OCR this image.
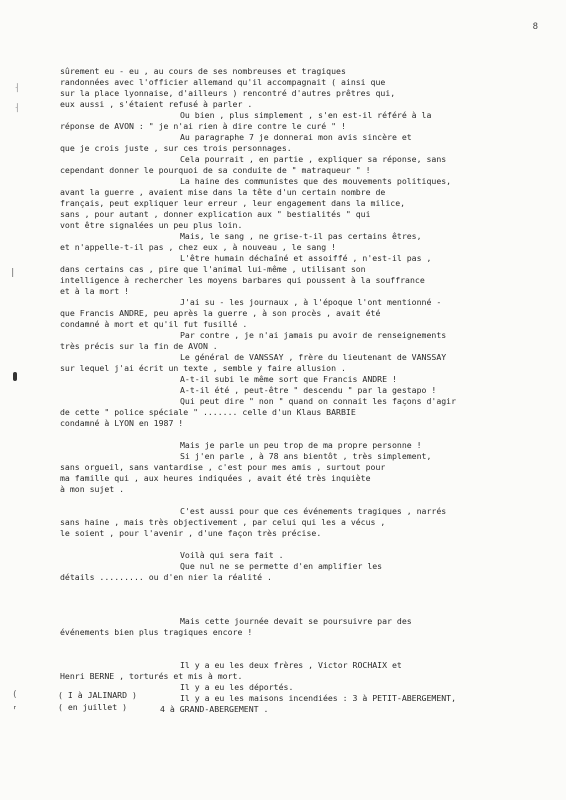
8
⸡
⸡
|
(
⸢
sûrement eu - eu , au cours de ses nombreuses et tragiques
randonnées avec l'officier allemand qu'il accompagnait ( ainsi que
sur la place lyonnaise, d'ailleurs ) rencontré d'autres prêtres qui,
eux aussi , s'étaient refusé à parler .
Ou bien , plus simplement , s'en est-il référé à la
réponse de AVON : " je n'ai rien à dire contre le curé " !
Au paragraphe 7 je donnerai mon avis sincère et
que je crois juste , sur ces trois personnages.
Cela pourrait , en partie , expliquer sa réponse, sans
cependant donner le pourquoi de sa conduite de " matraqueur " !
La haine des communistes que des mouvements politiques,
avant la guerre , avaient mise dans la tête d'un certain nombre de
français, peut expliquer leur erreur , leur engagement dans la milice,
sans , pour autant , donner explication aux " bestialités " qui
vont être signalées un peu plus loin.
Mais, le sang , ne grise-t-il pas certains êtres,
et n'appelle-t-il pas , chez eux , à nouveau , le sang !
L'être humain déchaîné et assoiffé , n'est-il pas ,
dans certains cas , pire que l'animal lui-même , utilisant son
intelligence à rechercher les moyens barbares qui poussent à la souffrance
et à la mort !
J'ai su - les journaux , à l'époque l'ont mentionné -
que Francis ANDRE, peu après la guerre , à son procès , avait été
condamné à mort et qu'il fut fusillé .
Par contre , je n'ai jamais pu avoir de renseignements
très précis sur la fin de AVON .
Le général de VANSSAY , frère du lieutenant de VANSSAY
sur lequel j'ai écrit un texte , semble y faire allusion .
A-t-il subi le même sort que Francis ANDRE !
A-t-il été , peut-être " descendu " par la gestapo !
Qui peut dire " non " quand on connait les façons d'agir
de cette " police spéciale " ....... celle d'un Klaus BARBIE
condamné à LYON en 1987 !
Mais je parle un peu trop de ma propre personne !
Si j'en parle , à 78 ans bientôt , très simplement,
sans orgueil, sans vantardise , c'est pour mes amis , surtout pour
ma famille qui , aux heures indiquées , avait été très inquiète
à mon sujet .
C'est aussi pour que ces événements tragiques , narrés
sans haine , mais très objectivement , par celui qui les a vécus ,
le soient , pour l'avenir , d'une façon très précise.
Voilà qui sera fait .
Que nul ne se permette d'en amplifier les
détails ......... ou d'en nier la réalité .
Mais cette journée devait se poursuivre par des
événements bien plus tragiques encore !
Il y a eu les deux frères , Victor ROCHAIX et
Henri BERNE , torturés et mis à mort.
Il y a eu les déportés.
Il y a eu les maisons incendiées : 3 à PETIT-ABERGEMENT,
4 à GRAND-ABERGEMENT .
( I à JALINARD )
( en juillet )
